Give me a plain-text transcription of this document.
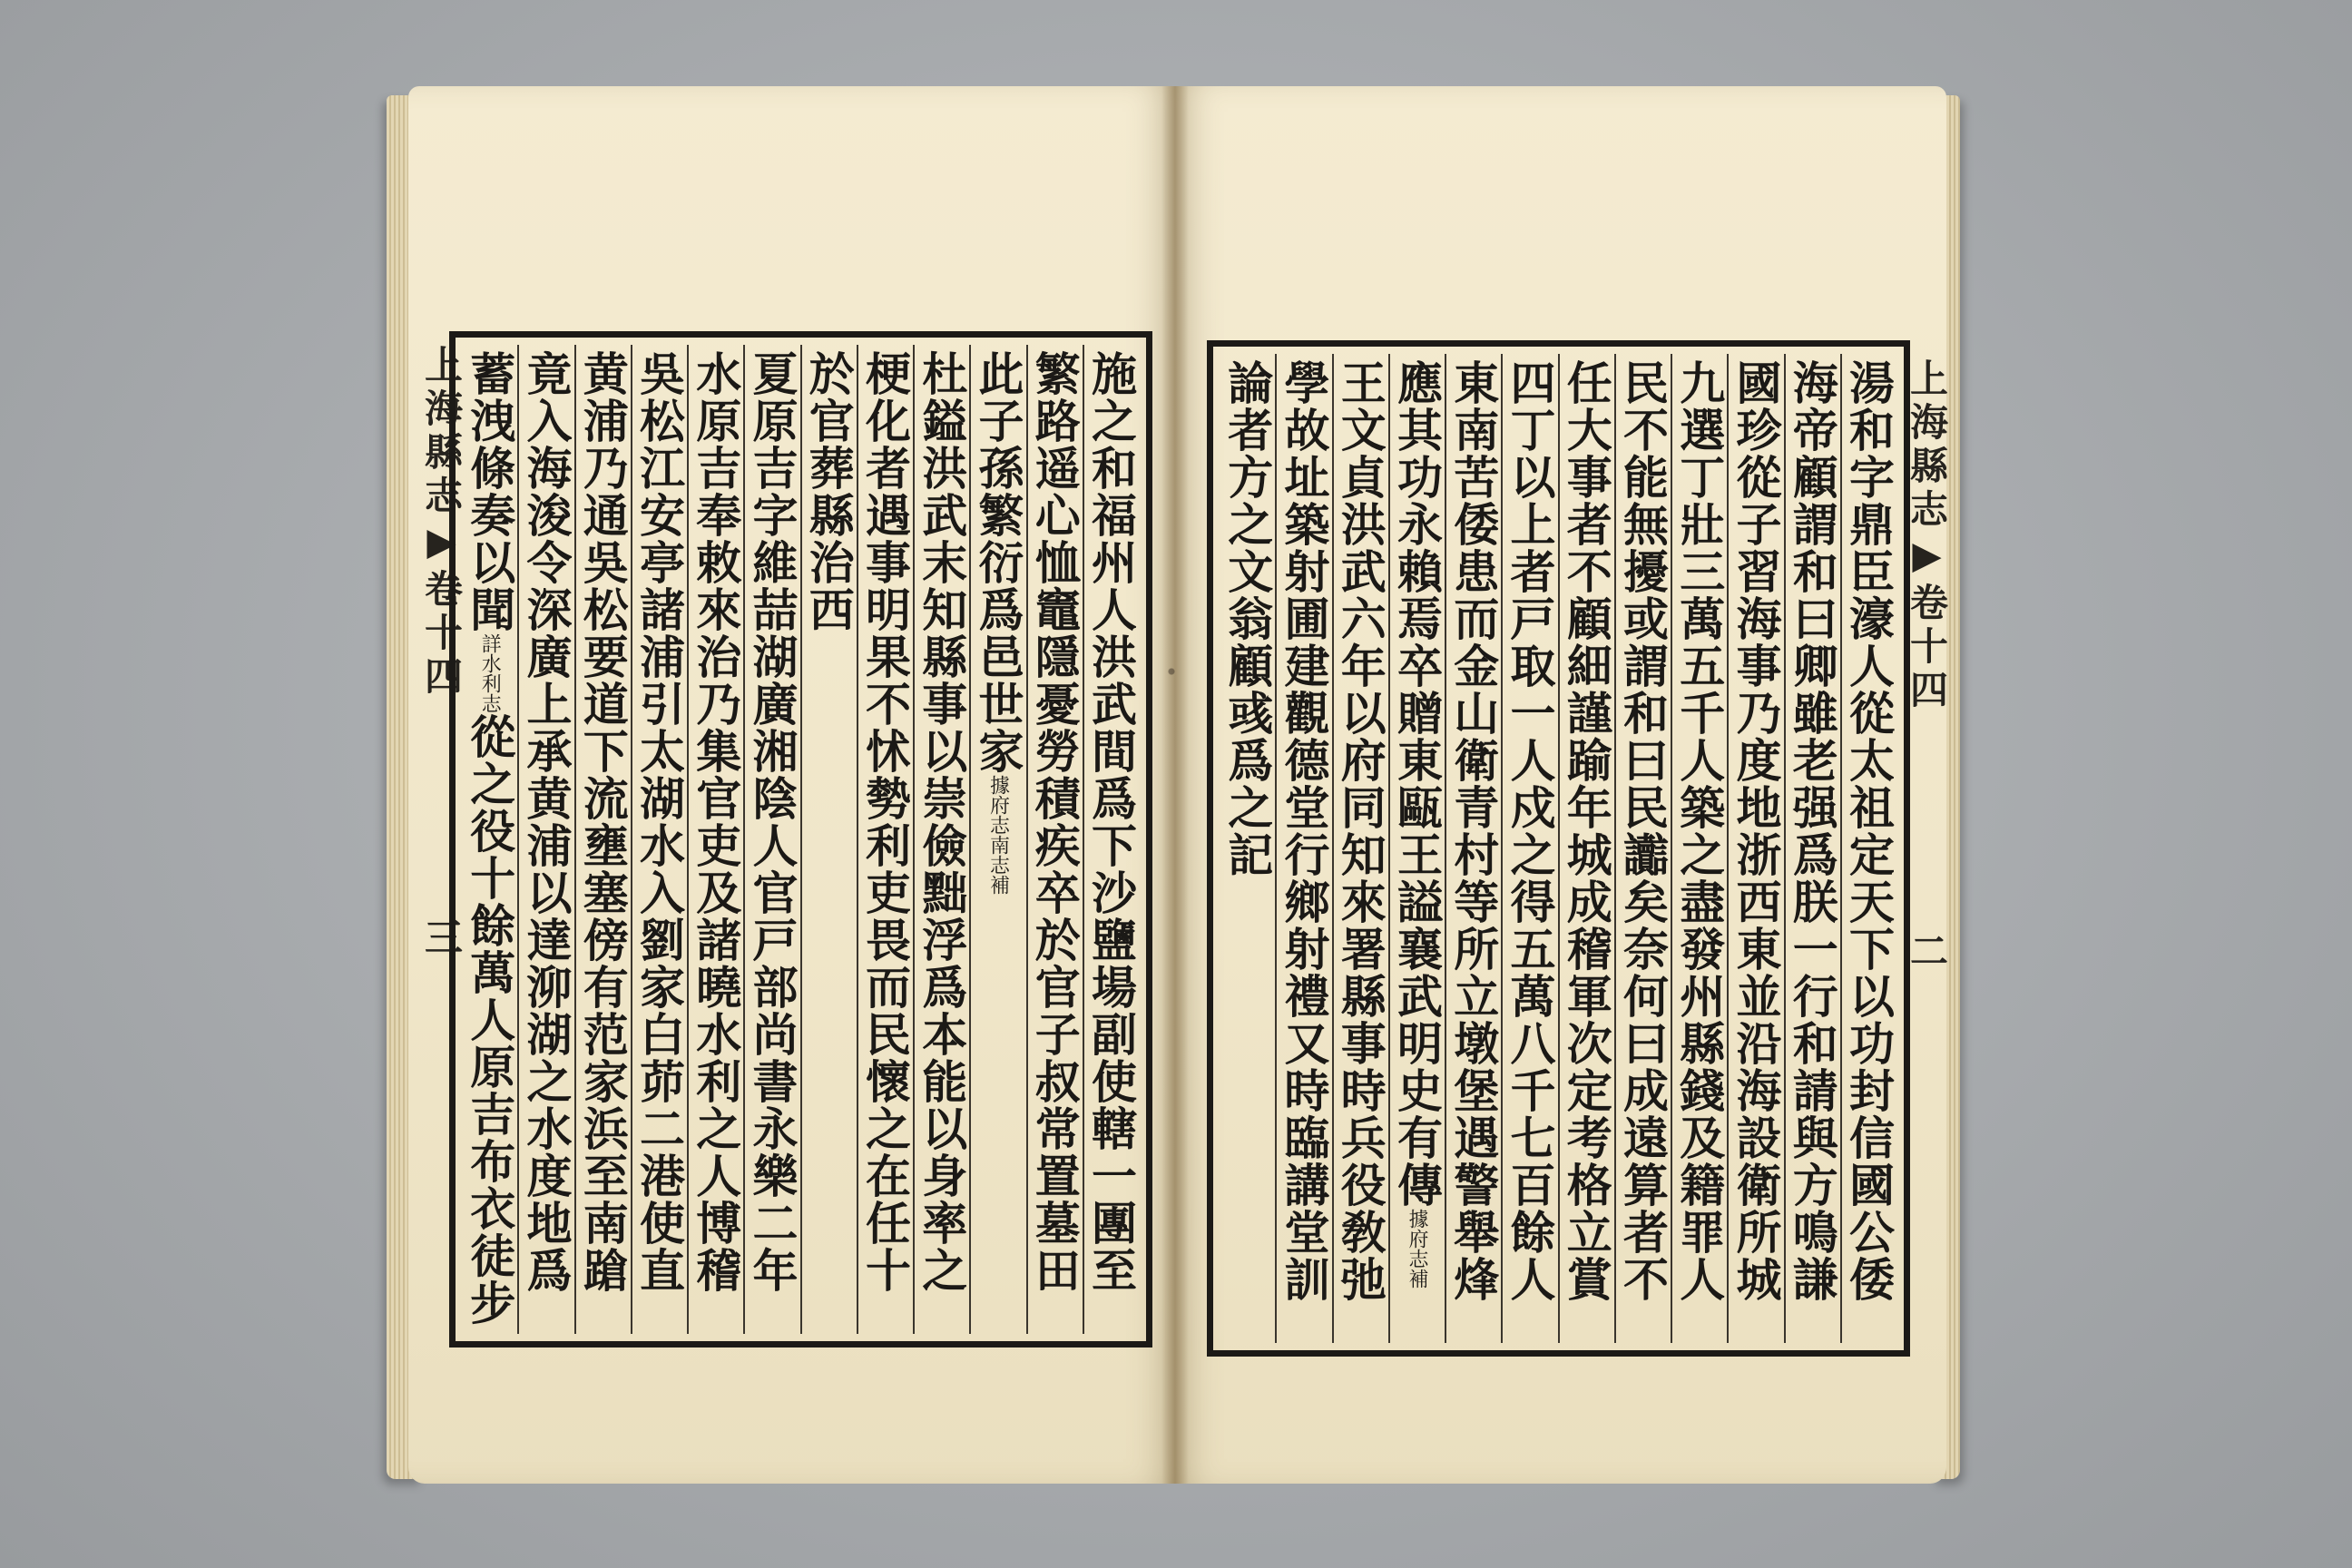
上海縣志▶卷十四　　　　　三	上海縣志▶卷十四　　　　　二
施之和福州人洪武間爲下沙鹽場副使轄一團至
繁路遥心恤竈隱憂勞積疾卒於官子叔常置墓田
此子孫繁衍爲邑世家據府志南志補
杜鎰洪武末知縣事以崇儉黜浮爲本能以身率之
梗化者遇事明果不怵勢利吏畏而民懷之在任十
於官葬縣治西
夏原吉字維喆湖廣湘陰人官戸部尚書永樂二年
水原吉奉敕來治乃集官吏及諸曉水利之人博稽
吳松江安亭諸浦引太湖水入劉家白茆二港使直
黄浦乃通吳松要道下流壅塞傍有范家浜至南蹌
竟入海浚令深廣上承黄浦以達泖湖之水度地爲
蓄洩條奏以聞詳水利志從之役十餘萬人原吉布衣徒步
湯和字鼎臣濠人從太祖定天下以功封信國公倭
海帝顧謂和曰卿雖老强爲朕一行和請與方鳴謙
國珍從子習海事乃度地浙西東並沿海設衛所城
九選丁壯三萬五千人築之盡發州縣錢及籍罪人
民不能無擾或謂和曰民讟矣奈何曰成遠算者不
任大事者不顧細謹踰年城成稽軍次定考格立賞
四丁以上者戸取一人戍之得五萬八千七百餘人
東南苦倭患而金山衛青村等所立墩堡遇警舉烽
應其功永賴焉卒贈東甌王謚襄武明史有傳據府志補
王文貞洪武六年以府同知來署縣事時兵役敎弛
學故址築射圃建觀德堂行鄉射禮又時臨講堂訓
論者方之文翁顧彧爲之記
